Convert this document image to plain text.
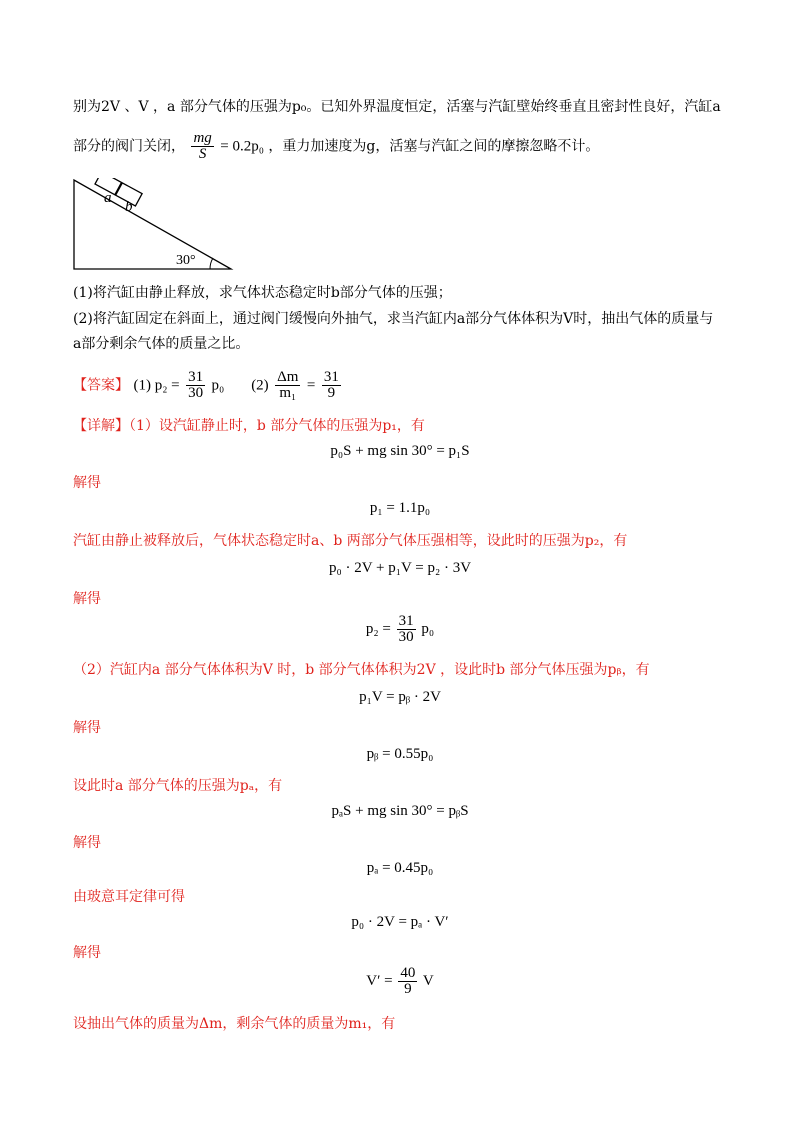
别为2V 、V ，a 部分气体的压强为p₀。已知外界温度恒定，活塞与汽缸壁始终垂直且密封性良好，汽缸a
部分的阀门关闭， $\frac{mg}{S} = 0.2p_0$ ，重力加速度为g，活塞与汽缸之间的摩擦忽略不计。
a
b
30°
(1)将汽缸由静止释放，求气体状态稳定时b部分气体的压强；
(2)将汽缸固定在斜面上，通过阀门缓慢向外抽气，求当汽缸内a部分气体体积为V时，抽出气体的质量与
a部分剩余气体的质量之比。
【答案】 (1) $p_2 = \frac{31}{30} p_0$ $(2) \frac{\Delta m}{\text{m₁}} = \frac{31}{9}$
【详解】（1）设汽缸静止时，b 部分气体的压强为p₁，有
p₀S + mg sin 30° = p₁S
解得
p₁ = 1.1p₀
汽缸由静止被释放后，气体状态稳定时a、b 两部分气体压强相等，设此时的压强为p₂，有
p₀ · 2V + p₁V = p₂ · 3V
解得
$p_2 = \frac{31}{30} p_0$
（2）汽缸内a 部分气体体积为V 时，b 部分气体体积为2V ，设此时b 部分气体压强为pᵦ，有
p₁V = pᵦ · 2V
解得
pᵦ = 0.55p₀
设此时a 部分气体的压强为pₐ，有
pₐS + mg sin 30° = pᵦS
解得
pₐ = 0.45p₀
由玻意耳定律可得
p₀ · 2V = pₐ · V′
解得
$V' = \frac{40}{9}$ V
设抽出气体的质量为Δm，剩余气体的质量为m₁，有
